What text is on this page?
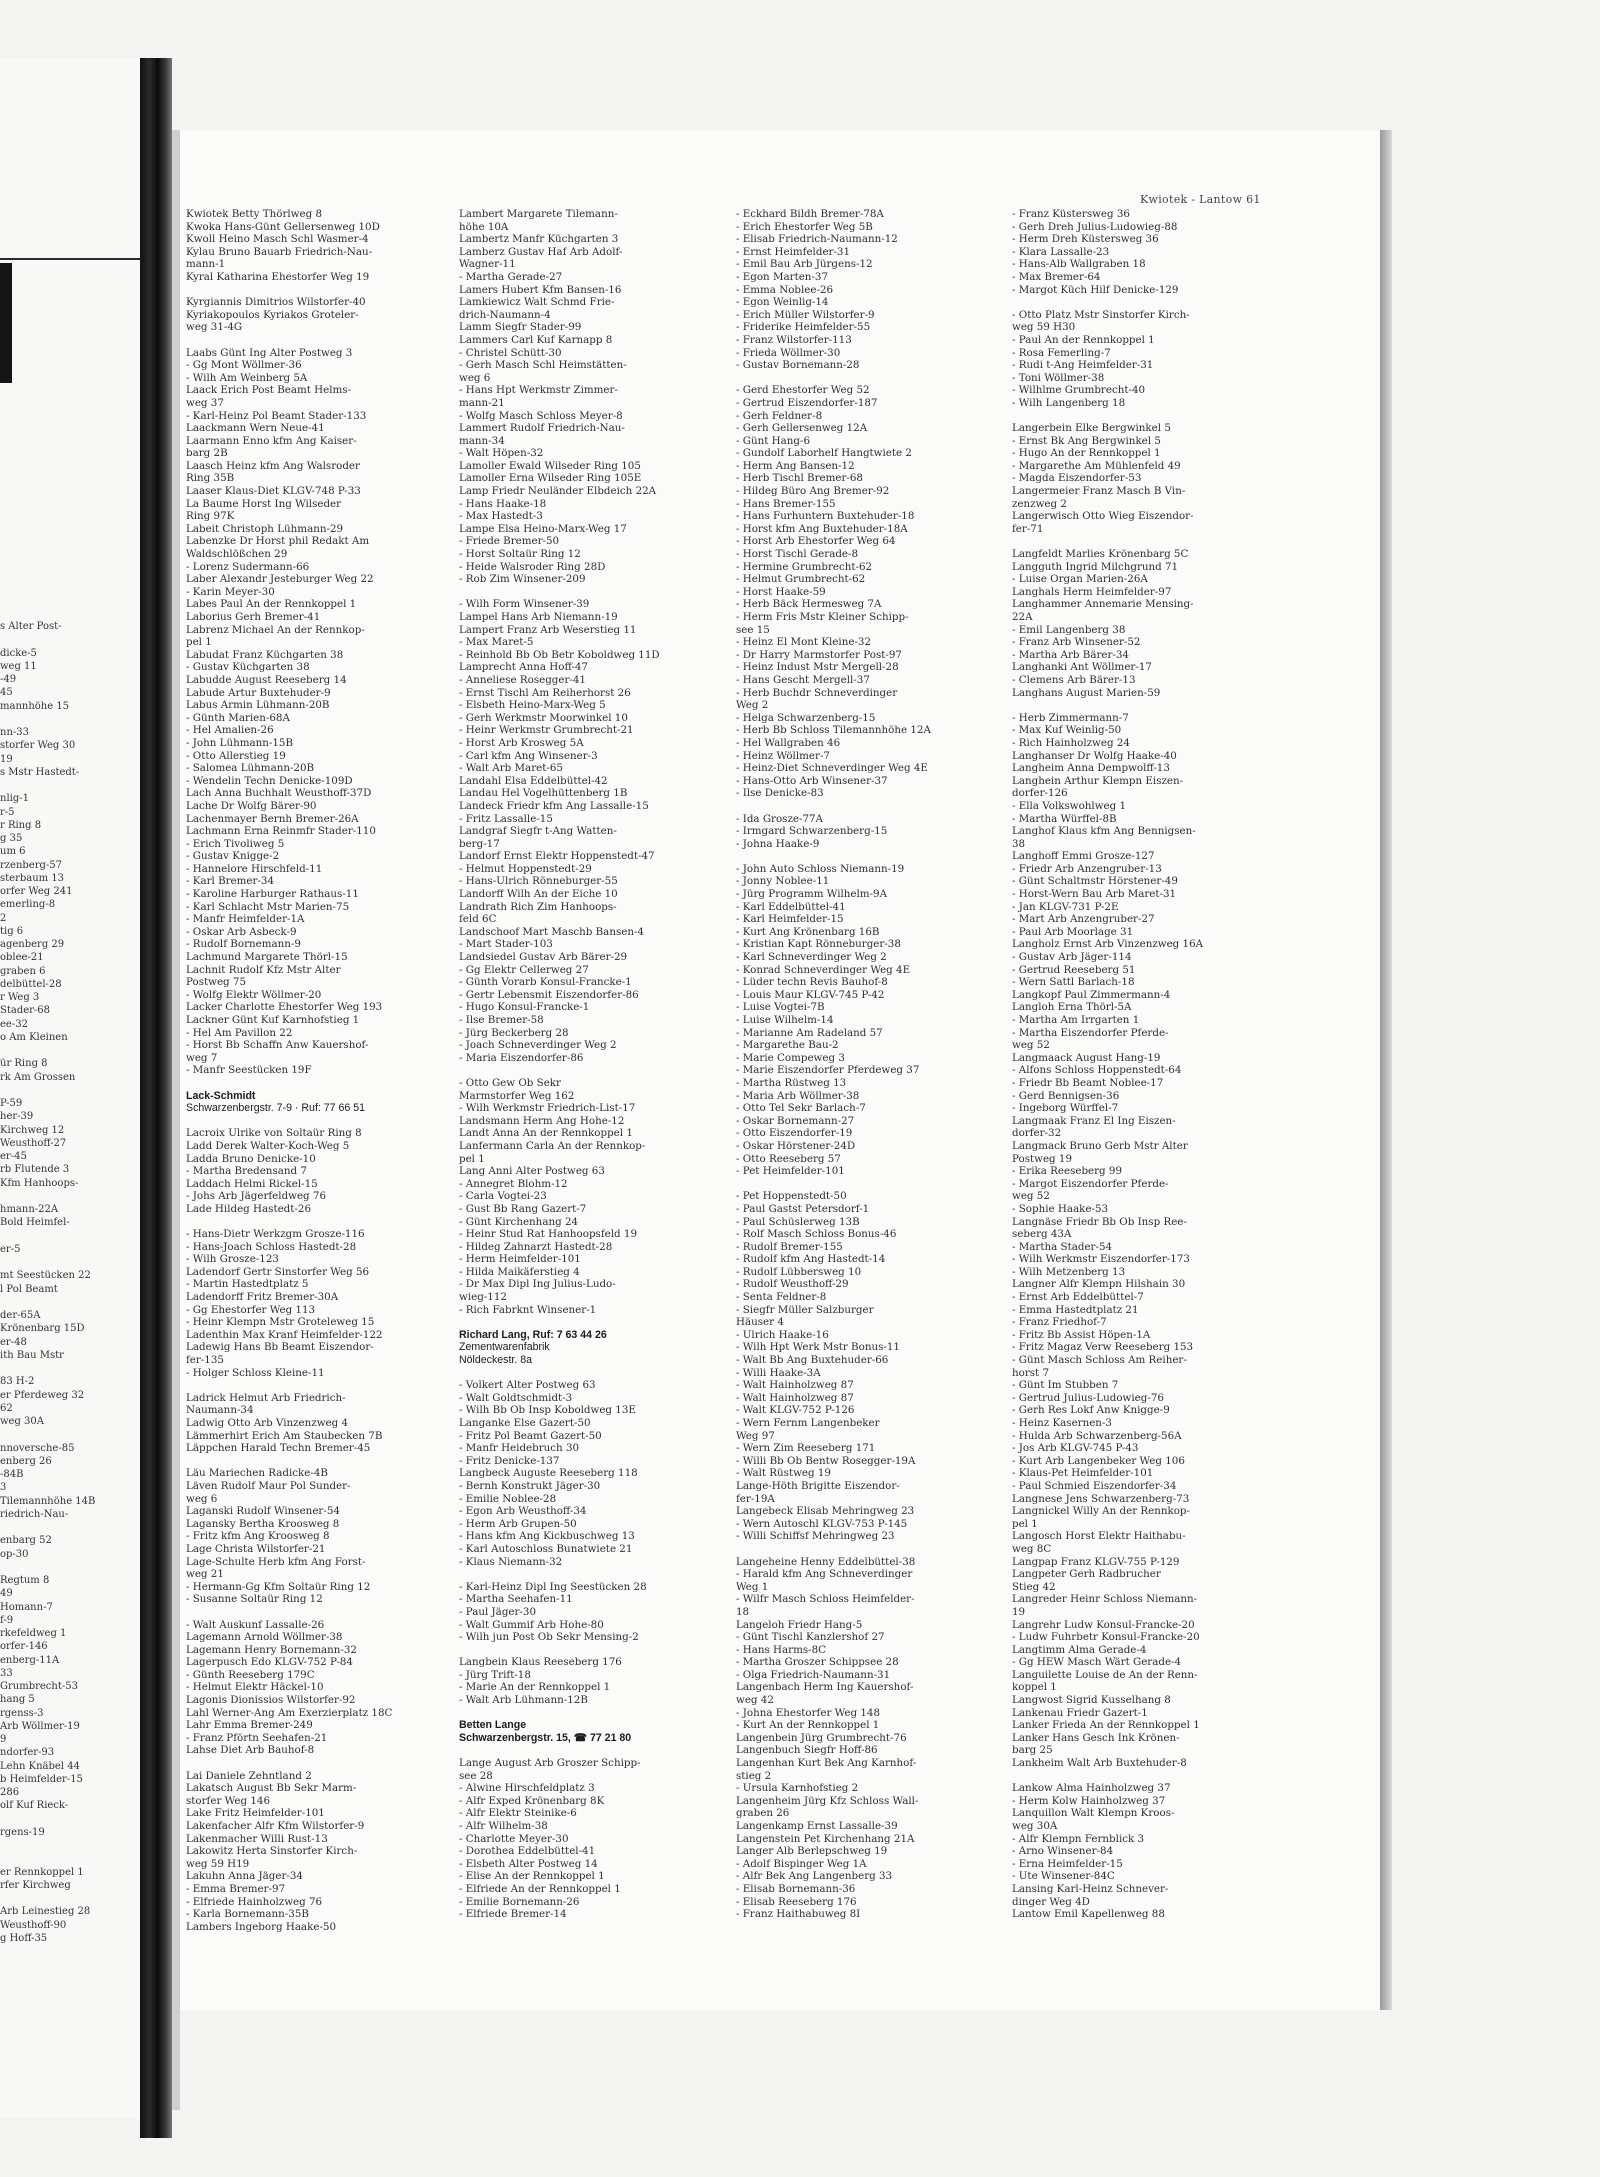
s Alter Post-

dicke-5
weg 11
-49
45
mannhöhe 15

nn-33
storfer Weg 30
19
s Mstr Hastedt-

nlig-1
r-5
r Ring 8
g 35
um 6
rzenberg-57
sterbaum 13
orfer Weg 241
emerling-8
2
tig 6
agenberg 29
oblee-21
graben 6
delbüttel-28
r Weg 3
Stader-68
ee-32
o Am Kleinen

ür Ring 8
rk Am Grossen

P-59
her-39
Kirchweg 12
Weusthoff-27
er-45
rb Flutende 3
Kfm Hanhoops-

hmann-22A
Bold Heimfel-

er-5

mt Seestücken 22
l Pol Beamt

der-65A
Krönenbarg 15D
er-48
ith Bau Mstr

83 H-2
er Pferdeweg 32
62
weg 30A

nnoversche-85
enberg 26
-84B
3
Tilemannhöhe 14B
riedrich-Nau-

enbarg 52
op-30

Regtum 8
49
Homann-7
f-9
rkefeldweg 1
orfer-146
enberg-11A
33
Grumbrecht-53
hang 5
rgenss-3
Arb Wöllmer-19
9
ndorfer-93
Lehn Knäbel 44
b Heimfelder-15
286
olf Kuf Rieck-

rgens-19

er Rennkoppel 1
rfer Kirchweg

Arb Leinestieg 28
Weusthoff-90
g Hoff-35
Kwiotek - Lantow 61
Kwiotek Betty Thörlweg 8
Kwoka Hans-Günt Gellersenweg 10D
Kwoll Heino Masch Schl Wasmer-4
Kylau Bruno Bauarb Friedrich-Nau-
mann-1
Kyral Katharina Ehestorfer Weg 19

Kyrgiannis Dimitrios Wilstorfer-40
Kyriakopoulos Kyriakos Groteler-
weg 31-4G

Laabs Günt Ing Alter Postweg 3
- Gg Mont Wöllmer-36
- Wilh Am Weinberg 5A
Laack Erich Post Beamt Helms-
weg 37
- Karl-Heinz Pol Beamt Stader-133
Laackmann Wern Neue-41
Laarmann Enno kfm Ang Kaiser-
barg 2B
Laasch Heinz kfm Ang Walsroder
Ring 35B
Laaser Klaus-Diet KLGV-748 P-33
La Baume Horst Ing Wilseder
Ring 97K
Labeit Christoph Lühmann-29
Labenzke Dr Horst phil Redakt Am
Waldschlößchen 29
- Lorenz Sudermann-66
Laber Alexandr Jesteburger Weg 22
- Karin Meyer-30
Labes Paul An der Rennkoppel 1
Laborius Gerh Bremer-41
Labrenz Michael An der Rennkop-
pel 1
Labudat Franz Küchgarten 38
- Gustav Küchgarten 38
Labudde August Reeseberg 14
Labude Artur Buxtehuder-9
Labus Armin Lühmann-20B
- Günth Marien-68A
- Hel Amalien-26
- John Lühmann-15B
- Otto Allerstieg 19
- Salomea Lühmann-20B
- Wendelin Techn Denicke-109D
Lach Anna Buchhalt Weusthoff-37D
Lache Dr Wolfg Bärer-90
Lachenmayer Bernh Bremer-26A
Lachmann Erna Reinmfr Stader-110
- Erich Tivoliweg 5
- Gustav Knigge-2
- Hannelore Hirschfeld-11
- Karl Bremer-34
- Karoline Harburger Rathaus-11
- Karl Schlacht Mstr Marien-75
- Manfr Heimfelder-1A
- Oskar Arb Asbeck-9
- Rudolf Bornemann-9
Lachmund Margarete Thörl-15
Lachnit Rudolf Kfz Mstr Alter
Postweg 75
- Wolfg Elektr Wöllmer-20
Lacker Charlotte Ehestorfer Weg 193
Lackner Günt Kuf Karnhofstieg 1
- Hel Am Pavillon 22
- Horst Bb Schaffn Anw Kauershof-
weg 7
- Manfr Seestücken 19F

Lack-Schmidt
Schwarzenbergstr. 7-9 · Ruf: 77 66 51

Lacroix Ulrike von Soltaür Ring 8
Ladd Derek Walter-Koch-Weg 5
Ladda Bruno Denicke-10
- Martha Bredensand 7
Laddach Helmi Rickel-15
- Johs Arb Jägerfeldweg 76
Lade Hildeg Hastedt-26

- Hans-Dietr Werkzgm Grosze-116
- Hans-Joach Schloss Hastedt-28
- Wilh Grosze-123
Ladendorf Gertr Sinstorfer Weg 56
- Martin Hastedtplatz 5
Ladendorff Fritz Bremer-30A
- Gg Ehestorfer Weg 113
- Heinr Klempn Mstr Groteleweg 15
Ladenthin Max Kranf Heimfelder-122
Ladewig Hans Bb Beamt Eiszendor-
fer-135
- Holger Schloss Kleine-11

Ladrick Helmut Arb Friedrich-
Naumann-34
Ladwig Otto Arb Vinzenzweg 4
Lämmerhirt Erich Am Staubecken 7B
Läppchen Harald Techn Bremer-45

Läu Mariechen Radicke-4B
Läven Rudolf Maur Pol Sunder-
weg 6
Laganski Rudolf Winsener-54
Lagansky Bertha Kroosweg 8
- Fritz kfm Ang Kroosweg 8
Lage Christa Wilstorfer-21
Lage-Schulte Herb kfm Ang Forst-
weg 21
- Hermann-Gg Kfm Soltaür Ring 12
- Susanne Soltaür Ring 12

- Walt Auskunf Lassalle-26
Lagemann Arnold Wöllmer-38
Lagemann Henry Bornemann-32
Lagerpusch Edo KLGV-752 P-84
- Günth Reeseberg 179C
- Helmut Elektr Häckel-10
Lagonis Dionissios Wilstorfer-92
Lahl Werner-Ang Am Exerzierplatz 18C
Lahr Emma Bremer-249
- Franz Pförtn Seehafen-21
Lahse Diet Arb Bauhof-8

Lai Daniele Zehntland 2
Lakatsch August Bb Sekr Marm-
storfer Weg 146
Lake Fritz Heimfelder-101
Lakenfacher Alfr Kfm Wilstorfer-9
Lakenmacher Willi Rust-13
Lakowitz Herta Sinstorfer Kirch-
weg 59 H19
Lakuhn Anna Jäger-34
- Emma Bremer-97
- Elfriede Hainholzweg 76
- Karla Bornemann-35B
Lambers Ingeborg Haake-50
Lambert Margarete Tilemann-
höhe 10A
Lambertz Manfr Küchgarten 3
Lamberz Gustav Haf Arb Adolf-
Wagner-11
- Martha Gerade-27
Lamers Hubert Kfm Bansen-16
Lamkiewicz Walt Schmd Frie-
drich-Naumann-4
Lamm Siegfr Stader-99
Lammers Carl Kuf Karnapp 8
- Christel Schütt-30
- Gerh Masch Schl Heimstätten-
weg 6
- Hans Hpt Werkmstr Zimmer-
mann-21
- Wolfg Masch Schloss Meyer-8
Lammert Rudolf Friedrich-Nau-
mann-34
- Walt Höpen-32
Lamoller Ewald Wilseder Ring 105
Lamoller Erna Wilseder Ring 105E
Lamp Friedr Neuländer Elbdeich 22A
- Hans Haake-18
- Max Hastedt-3
Lampe Elsa Heino-Marx-Weg 17
- Friede Bremer-50
- Horst Soltaür Ring 12
- Heide Walsroder Ring 28D
- Rob Zim Winsener-209

- Wilh Form Winsener-39
Lampel Hans Arb Niemann-19
Lampert Franz Arb Weserstieg 11
- Max Maret-5
- Reinhold Bb Ob Betr Koboldweg 11D
Lamprecht Anna Hoff-47
- Anneliese Rosegger-41
- Ernst Tischl Am Reiherhorst 26
- Elsbeth Heino-Marx-Weg 5
- Gerh Werkmstr Moorwinkel 10
- Heinr Werkmstr Grumbrecht-21
- Horst Arb Krosweg 5A
- Carl kfm Ang Winsener-3
- Walt Arb Maret-65
Landahl Elsa Eddelbüttel-42
Landau Hel Vogelhüttenberg 1B
Landeck Friedr kfm Ang Lassalle-15
- Fritz Lassalle-15
Landgraf Siegfr t-Ang Watten-
berg-17
Landorf Ernst Elektr Hoppenstedt-47
- Helmut Hoppenstedt-29
- Hans-Ulrich Rönneburger-55
Landorff Wilh An der Eiche 10
Landrath Rich Zim Hanhoops-
feld 6C
Landschoof Mart Maschb Bansen-4
- Mart Stader-103
Landsiedel Gustav Arb Bärer-29
- Gg Elektr Cellerweg 27
- Günth Vorarb Konsul-Francke-1
- Gertr Lebensmit Eiszendorfer-86
- Hugo Konsul-Francke-1
- Ilse Bremer-58
- Jürg Beckerberg 28
- Joach Schneverdinger Weg 2
- Maria Eiszendorfer-86

- Otto Gew Ob Sekr
Marmstorfer Weg 162
- Wilh Werkmstr Friedrich-List-17
Landsmann Herm Ang Hohe-12
Landt Anna An der Rennkoppel 1
Lanfermann Carla An der Rennkop-
pel 1
Lang Anni Alter Postweg 63
- Annegret Blohm-12
- Carla Vogtei-23
- Gust Bb Rang Gazert-7
- Günt Kirchenhang 24
- Heinr Stud Rat Hanhoopsfeld 19
- Hildeg Zahnarzt Hastedt-28
- Herm Heimfelder-101
- Hilda Maikäferstieg 4
- Dr Max Dipl Ing Julius-Ludo-
wieg-112
- Rich Fabrknt Winsener-1

Richard Lang, Ruf: 7 63 44 26
Zementwarenfabrik
Nöldeckestr. 8a

- Volkert Alter Postweg 63
- Walt Goldtschmidt-3
- Wilh Bb Ob Insp Koboldweg 13E
Langanke Else Gazert-50
- Fritz Pol Beamt Gazert-50
- Manfr Heidebruch 30
- Fritz Denicke-137
Langbeck Auguste Reeseberg 118
- Bernh Konstrukt Jäger-30
- Emilie Noblee-28
- Egon Arb Weusthoff-34
- Herm Arb Grupen-50
- Hans kfm Ang Kickbuschweg 13
- Karl Autoschloss Bunatwiete 21
- Klaus Niemann-32

- Karl-Heinz Dipl Ing Seestücken 28
- Martha Seehafen-11
- Paul Jäger-30
- Walt Gummif Arb Hohe-80
- Wilh jun Post Ob Sekr Mensing-2

Langbein Klaus Reeseberg 176
- Jürg Trift-18
- Marie An der Rennkoppel 1
- Walt Arb Lühmann-12B

Betten Lange
Schwarzenbergstr. 15, ☎ 77 21 80

Lange August Arb Groszer Schipp-
see 28
- Alwine Hirschfeldplatz 3
- Alfr Exped Krönenbarg 8K
- Alfr Elektr Steinike-6
- Alfr Wilhelm-38
- Charlotte Meyer-30
- Dorothea Eddelbüttel-41
- Elsbeth Alter Postweg 14
- Elise An der Rennkoppel 1
- Elfriede An der Rennkoppel 1
- Emilie Bornemann-26
- Elfriede Bremer-14
- Eckhard Bildh Bremer-78A
- Erich Ehestorfer Weg 5B
- Elisab Friedrich-Naumann-12
- Ernst Heimfelder-31
- Emil Bau Arb Jürgens-12
- Egon Marten-37
- Emma Noblee-26
- Egon Weinlig-14
- Erich Müller Wilstorfer-9
- Friderike Heimfelder-55
- Franz Wilstorfer-113
- Frieda Wöllmer-30
- Gustav Bornemann-28

- Gerd Ehestorfer Weg 52
- Gertrud Eiszendorfer-187
- Gerh Feldner-8
- Gerh Gellersenweg 12A
- Günt Hang-6
- Gundolf Laborhelf Hangtwiete 2
- Herm Ang Bansen-12
- Herb Tischl Bremer-68
- Hildeg Büro Ang Bremer-92
- Hans Bremer-155
- Hans Furhuntern Buxtehuder-18
- Horst kfm Ang Buxtehuder-18A
- Horst Arb Ehestorfer Weg 64
- Horst Tischl Gerade-8
- Hermine Grumbrecht-62
- Helmut Grumbrecht-62
- Horst Haake-59
- Herb Bäck Hermesweg 7A
- Herm Fris Mstr Kleiner Schipp-
see 15
- Heinz El Mont Kleine-32
- Dr Harry Marmstorfer Post-97
- Heinz Indust Mstr Mergell-28
- Hans Gescht Mergell-37
- Herb Buchdr Schneverdinger
Weg 2
- Helga Schwarzenberg-15
- Herb Bb Schloss Tilemannhöhe 12A
- Hel Wallgraben 46
- Heinz Wöllmer-7
- Heinz-Diet Schneverdinger Weg 4E
- Hans-Otto Arb Winsener-37
- Ilse Denicke-83

- Ida Grosze-77A
- Irmgard Schwarzenberg-15
- Johna Haake-9

- John Auto Schloss Niemann-19
- Jonny Noblee-11
- Jürg Programm Wilhelm-9A
- Karl Eddelbüttel-41
- Karl Heimfelder-15
- Kurt Ang Krönenbarg 16B
- Kristian Kapt Rönneburger-38
- Karl Schneverdinger Weg 2
- Konrad Schneverdinger Weg 4E
- Lüder techn Revis Bauhof-8
- Louis Maur KLGV-745 P-42
- Luise Vogtei-7B
- Luise Wilhelm-14
- Marianne Am Radeland 57
- Margarethe Bau-2
- Marie Compeweg 3
- Marie Eiszendorfer Pferdeweg 37
- Martha Rüstweg 13
- Maria Arb Wöllmer-38
- Otto Tel Sekr Barlach-7
- Oskar Bornemann-27
- Otto Eiszendorfer-19
- Oskar Hörstener-24D
- Otto Reeseberg 57
- Pet Heimfelder-101

- Pet Hoppenstedt-50
- Paul Gastst Petersdorf-1
- Paul Schüslerweg 13B
- Rolf Masch Schloss Bonus-46
- Rudolf Bremer-155
- Rudolf kfm Ang Hastedt-14
- Rudolf Lübbersweg 10
- Rudolf Weusthoff-29
- Senta Feldner-8
- Siegfr Müller Salzburger
Häuser 4
- Ulrich Haake-16
- Wilh Hpt Werk Mstr Bonus-11
- Walt Bb Ang Buxtehuder-66
- Willi Haake-3A
- Walt Hainholzweg 87
- Walt Hainholzweg 87
- Walt KLGV-752 P-126
- Wern Fernm Langenbeker
Weg 97
- Wern Zim Reeseberg 171
- Willi Bb Ob Bentw Rosegger-19A
- Walt Rüstweg 19
Lange-Höth Brigitte Eiszendor-
fer-19A
Langebeck Elisab Mehringweg 23
- Wern Autoschl KLGV-753 P-145
- Willi Schiffsf Mehringweg 23

Langeheine Henny Eddelbüttel-38
- Harald kfm Ang Schneverdinger
Weg 1
- Wilfr Masch Schloss Heimfelder-
18
Langeloh Friedr Hang-5
- Günt Tischl Kanzlershof 27
- Hans Harms-8C
- Martha Groszer Schippsee 28
- Olga Friedrich-Naumann-31
Langenbach Herm Ing Kauershof-
weg 42
- Johna Ehestorfer Weg 148
- Kurt An der Rennkoppel 1
Langenbein Jürg Grumbrecht-76
Langenbuch Siegfr Hoff-86
Langenhan Kurt Bek Ang Karnhof-
stieg 2
- Ursula Karnhofstieg 2
Langenheim Jürg Kfz Schloss Wall-
graben 26
Langenkamp Ernst Lassalle-39
Langenstein Pet Kirchenhang 21A
Langer Alb Berlepschweg 19
- Adolf Bispinger Weg 1A
- Alfr Bek Ang Langenberg 33
- Elisab Bornemann-36
- Elisab Reeseberg 176
- Franz Haithabuweg 8I
- Franz Küstersweg 36
- Gerh Dreh Julius-Ludowieg-88
- Herm Dreh Küstersweg 36
- Klara Lassalle-23
- Hans-Alb Wallgraben 18
- Max Bremer-64
- Margot Küch Hilf Denicke-129

- Otto Platz Mstr Sinstorfer Kirch-
weg 59 H30
- Paul An der Rennkoppel 1
- Rosa Femerling-7
- Rudi t-Ang Heimfelder-31
- Toni Wöllmer-38
- Wilhlme Grumbrecht-40
- Wilh Langenberg 18

Langerbein Elke Bergwinkel 5
- Ernst Bk Ang Bergwinkel 5
- Hugo An der Rennkoppel 1
- Margarethe Am Mühlenfeld 49
- Magda Eiszendorfer-53
Langermeier Franz Masch B Vin-
zenzweg 2
Langerwisch Otto Wieg Eiszendor-
fer-71

Langfeldt Marlies Krönenbarg 5C
Langguth Ingrid Milchgrund 71
- Luise Organ Marien-26A
Langhals Herm Heimfelder-97
Langhammer Annemarie Mensing-
22A
- Emil Langenberg 38
- Franz Arb Winsener-52
- Martha Arb Bärer-34
Langhanki Ant Wöllmer-17
- Clemens Arb Bärer-13
Langhans August Marien-59

- Herb Zimmermann-7
- Max Kuf Weinlig-50
- Rich Hainholzweg 24
Langhanser Dr Wolfg Haake-40
Langheim Anna Dempwolff-13
Langhein Arthur Klempn Eiszen-
dorfer-126
- Ella Volkswohlweg 1
- Martha Würffel-8B
Langhof Klaus kfm Ang Bennigsen-
38
Langhoff Emmi Grosze-127
- Friedr Arb Anzengruber-13
- Günt Schaltmstr Hörstener-49
- Horst-Wern Bau Arb Maret-31
- Jan KLGV-731 P-2E
- Mart Arb Anzengruber-27
- Paul Arb Moorlage 31
Langholz Ernst Arb Vinzenzweg 16A
- Gustav Arb Jäger-114
- Gertrud Reeseberg 51
- Wern Sattl Barlach-18
Langkopf Paul Zimmermann-4
Langloh Erna Thörl-5A
- Martha Am Irrgarten 1
- Martha Eiszendorfer Pferde-
weg 52
Langmaack August Hang-19
- Alfons Schloss Hoppenstedt-64
- Friedr Bb Beamt Noblee-17
- Gerd Bennigsen-36
- Ingeborg Würffel-7
Langmaak Franz El Ing Eiszen-
dorfer-32
Langmack Bruno Gerb Mstr Alter
Postweg 19
- Erika Reeseberg 99
- Margot Eiszendorfer Pferde-
weg 52
- Sophie Haake-53
Langnäse Friedr Bb Ob Insp Ree-
seberg 43A
- Martha Stader-54
- Wilh Werkmstr Eiszendorfer-173
- Wilh Metzenberg 13
Langner Alfr Klempn Hilshain 30
- Ernst Arb Eddelbüttel-7
- Emma Hastedtplatz 21
- Franz Friedhof-7
- Fritz Bb Assist Höpen-1A
- Fritz Magaz Verw Reeseberg 153
- Günt Masch Schloss Am Reiher-
horst 7
- Günt Im Stubben 7
- Gertrud Julius-Ludowieg-76
- Gerh Res Lokf Anw Knigge-9
- Heinz Kasernen-3
- Hulda Arb Schwarzenberg-56A
- Jos Arb KLGV-745 P-43
- Kurt Arb Langenbeker Weg 106
- Klaus-Pet Heimfelder-101
- Paul Schmied Eiszendorfer-34
Langnese Jens Schwarzenberg-73
Langnickel Willy An der Rennkop-
pel 1
Langosch Horst Elektr Haithabu-
weg 8C
Langpap Franz KLGV-755 P-129
Langpeter Gerh Radbrucher
Stieg 42
Langreder Heinr Schloss Niemann-
19
Langrehr Ludw Konsul-Francke-20
- Ludw Fuhrbetr Konsul-Francke-20
Langtimm Alma Gerade-4
- Gg HEW Masch Wärt Gerade-4
Languilette Louise de An der Renn-
koppel 1
Langwost Sigrid Kusselhang 8
Lankenau Friedr Gazert-1
Lanker Frieda An der Rennkoppel 1
Lanker Hans Gesch Ink Krönen-
barg 25
Lankheim Walt Arb Buxtehuder-8

Lankow Alma Hainholzweg 37
- Herm Kolw Hainholzweg 37
Lanquillon Walt Klempn Kroos-
weg 30A
- Alfr Klempn Fernblick 3
- Arno Winsener-84
- Erna Heimfelder-15
- Ute Winsener-84C
Lansing Karl-Heinz Schnever-
dinger Weg 4D
Lantow Emil Kapellenweg 88
